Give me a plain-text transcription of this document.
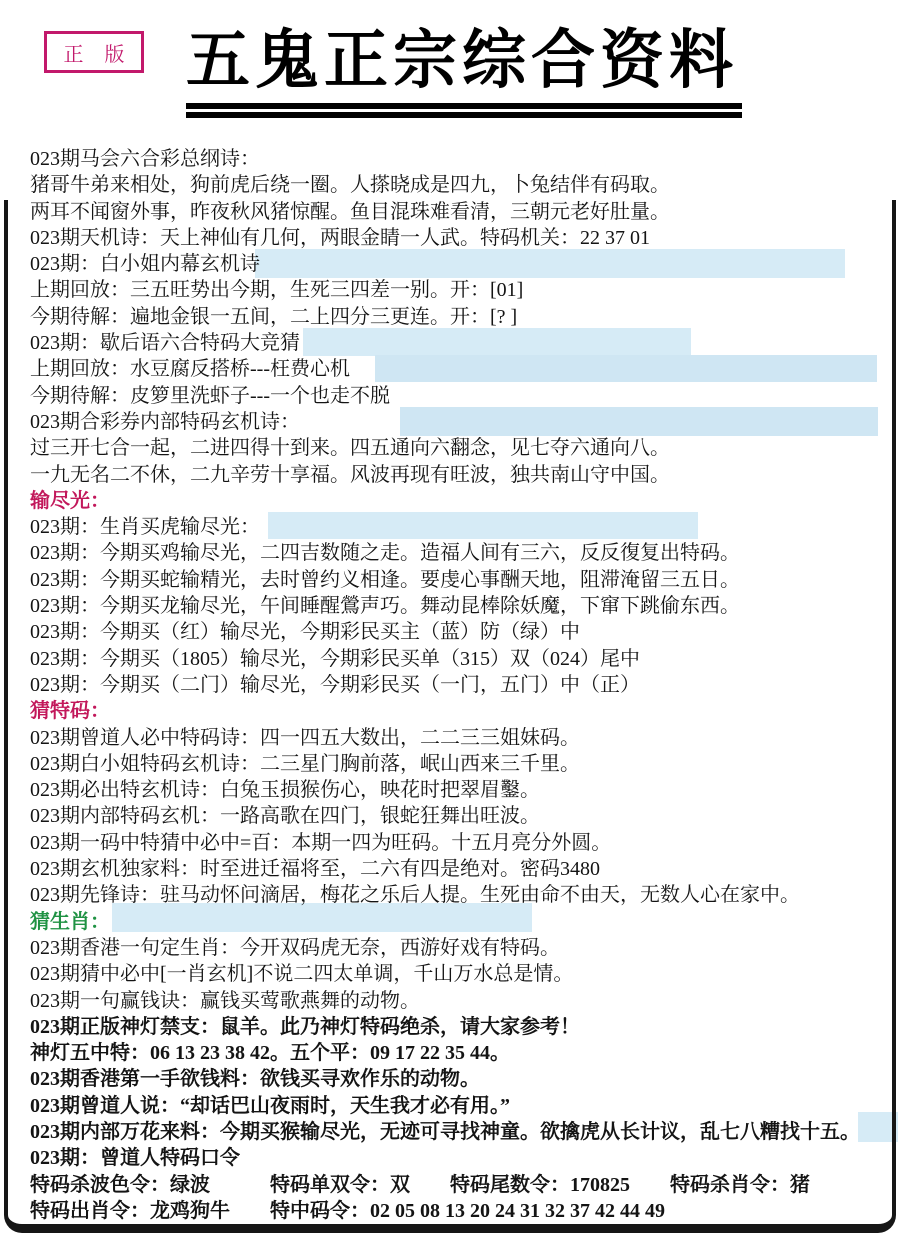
正 版 五鬼正宗综合资料
023期马会六合彩总纲诗：
猪哥牛弟来相处，狗前虎后绕一圈。人搽晓成是四九，卜兔结伴有码取。
两耳不闻窗外事，昨夜秋风猪惊醒。鱼目混珠难看清，三朝元老好肚量。
023期天机诗：天上神仙有几何，两眼金睛一人武。特码机关：22 37 01
023期：白小姐内幕玄机诗
上期回放：三五旺势出今期，生死三四差一别。开：[01]
今期待解：遍地金银一五间，二上四分三更连。开：[? ]
023期：歇后语六合特码大竞猜
上期回放：水豆腐反搭桥---枉费心机
今期待解：皮箩里洗虾子---一个也走不脱
023期合彩券内部特码玄机诗：
过三开七合一起，二进四得十到来。四五通向六翻念，见七夺六通向八。
一九无名二不休，二九辛劳十享福。风波再现有旺波，独共南山守中国。
输尽光：
023期：生肖买虎输尽光：
023期：今期买鸡输尽光，二四吉数随之走。造福人间有三六，反反復复出特码。
023期：今期买蛇输精光，去时曾约义相逢。要虔心事酬天地，阻滞淹留三五日。
023期：今期买龙输尽光，午间睡醒鶯声巧。舞动昆棒除妖魔，下窜下跳偷东西。
023期：今期买（红）输尽光，今期彩民买主（蓝）防（绿）中
023期：今期买（1805）输尽光，今期彩民买单（315）双（024）尾中
023期：今期买（二门）输尽光，今期彩民买（一门，五门）中（正）
猜特码：
023期曾道人必中特码诗：四一四五大数出，二二三三姐妹码。
023期白小姐特码玄机诗：二三星门胸前落，岷山西来三千里。
023期必出特玄机诗：白兔玉损猴伤心，映花时把翠眉鑿。
023期内部特码玄机：一路高歌在四门，银蛇狂舞出旺波。
023期一码中特猜中必中=百：本期一四为旺码。十五月亮分外圆。
023期玄机独家料：时至进迁福将至，二六有四是绝对。密码3480
023期先锋诗：驻马动怀问滴居，梅花之乐后人提。生死由命不由天，无数人心在家中。
猜生肖：
023期香港一句定生肖：今开双码虎无奈，西游好戏有特码。
023期猜中必中[一肖玄机]不说二四太单调，千山万水总是情。
023期一句赢钱诀：赢钱买莺歌燕舞的动物。
023期正版神灯禁支：鼠羊。此乃神灯特码绝杀，请大家参考！
神灯五中特：06 13 23 38 42。五个平：09 17 22 35 44。
023期香港第一手欲钱料：欲钱买寻欢作乐的动物。
023期曾道人说：“却话巴山夜雨时，天生我才必有用。”
023期内部万花来料：今期买猴输尽光，无迹可寻找神童。欲擒虎从长计议，乱七八糟找十五。
023期：曾道人特码口令
特码杀波色令：绿波　　　特码单双令：双　　特码尾数令：170825　　特码杀肖令：猪
特码出肖令：龙鸡狗牛　　特中码令：02 05 08 13 20 24 31 32 37 42 44 49
